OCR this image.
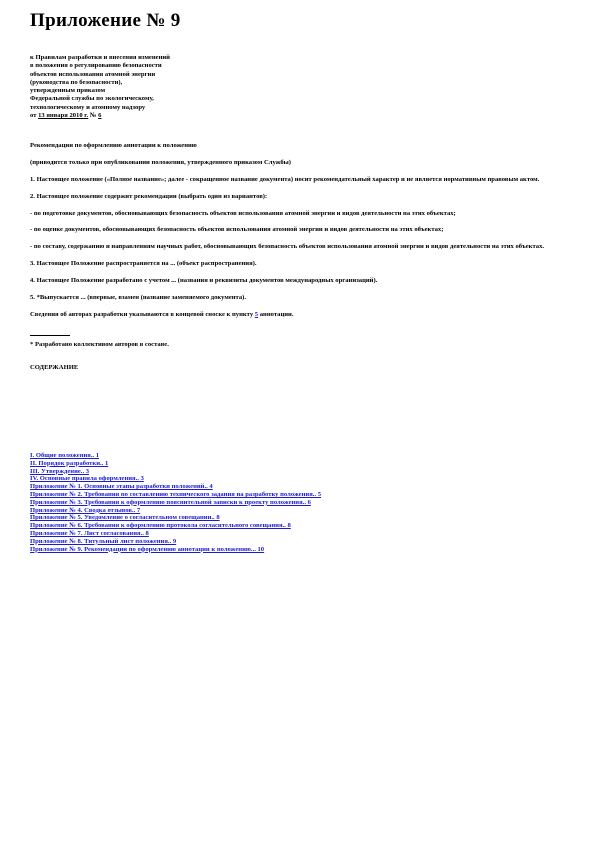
Приложение № 9
к Правилам разработки и внесения изменений
в положения о регулированию безопасности
объектов использования атомной энергии
(руководства по безопасности),
утвержденным приказом
Федеральной службы по экологическому,
технологическому и атомному надзору
от 13 января 2010 г. № 6

Рекомендации по оформлению аннотации к положению

(приводится только при опубликовании положения, утвержденного приказом Службы)

1. Настоящее положение («Полное название»; далее - сокращенное название документа) носит рекомендательный характер и не является нормативным правовым актом.

2. Настоящее положение содержит рекомендации (выбрать один из вариантов):

- по подготовке документов, обосновывающих безопасность объектов использования атомной энергии и видов деятельности на этих объектах;

- по оценке документов, обосновывающих безопасность объектов использования атомной энергии и видов деятельности на этих объектах;

- по составу, содержанию и направлениям научных работ, обосновывающих безопасность объектов использования атомной энергии и видов деятельности на этих объектах.

3. Настоящее Положение распространяется на ... (объект распространения).

4. Настоящее Положение разработано с учетом ... (названия и реквизиты документов международных организаций).

5. *Выпускается ... (впервые, взамен (название заменяемого документа).

Сведения об авторах разработки указываются в концевой сноске к пункту 5 аннотации.

* Разработано коллективом авторов в составе.

СОДЕРЖАНИЕ

I. Общие положения.. 1
II. Порядок разработки.. 1
III. Утверждение.. 3
IV. Основные правила оформления.. 3
Приложение № 1. Основные этапы разработки положений.. 4
Приложение № 2. Требования по составлению технического задания на разработку положения.. 5
Приложение № 3. Требования к оформлению пояснительной записки к проекту положения.. 6
Приложение № 4. Сводка отзывов.. 7
Приложение № 5. Уведомление о согласительном совещании.. 8
Приложение № 6. Требования к оформлению протокола согласительного совещания.. 8
Приложение № 7. Лист согласования.. 8
Приложение № 8. Титульный лист положения.. 9
Приложение № 9. Рекомендации по оформлению аннотации к положению... 10
